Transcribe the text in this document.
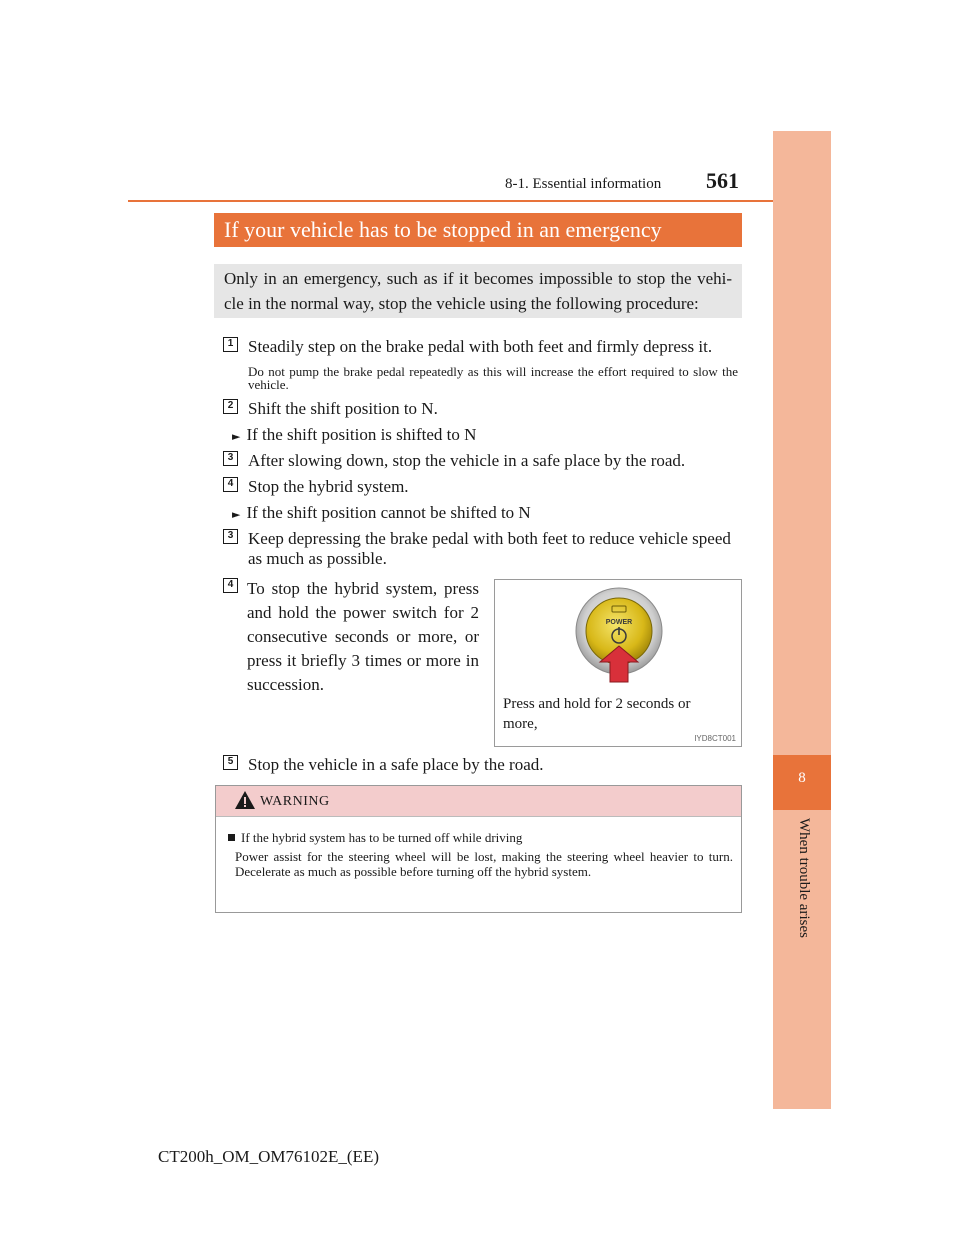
8
When trouble arises
8-1. Essential information 561
If your vehicle has to be stopped in an emergency
Only in an emergency, such as if it becomes impossible to stop the vehi-cle in the normal way, stop the vehicle using the following procedure:
1 Steadily step on the brake pedal with both feet and firmly depress it.
Do not pump the brake pedal repeatedly as this will increase the effort required to slow the vehicle.
2 Shift the shift position to N.
► If the shift position is shifted to N
3 After slowing down, stop the vehicle in a safe place by the road.
4 Stop the hybrid system.
► If the shift position cannot be shifted to N
3 Keep depressing the brake pedal with both feet to reduce vehicle speed
as much as possible.
4 To stop the hybrid system, press and hold the power switch for 2 consecutive seconds or more, or press it briefly 3 times or more in succession.
POWER
Press and hold for 2 seconds or more,
IYD8CT001
5 Stop the vehicle in a safe place by the road.
WARNING
If the hybrid system has to be turned off while driving
Power assist for the steering wheel will be lost, making the steering wheel heavier to turn. Decelerate as much as possible before turning off the hybrid system.
CT200h_OM_OM76102E_(EE)
